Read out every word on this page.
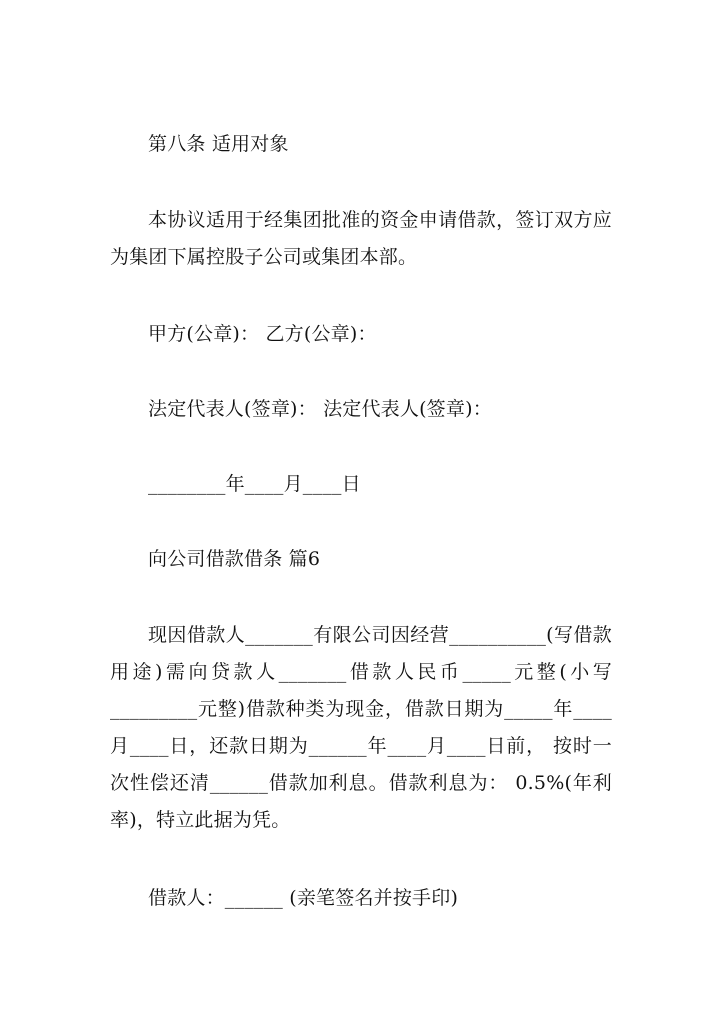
第八条 适用对象
本协议适用于经集团批准的资金申请借款，签订双方应为集团下属控股子公司或集团本部。
甲方(公章)： 乙方(公章)：
法定代表人(签章)： 法定代表人(签章)：
________年____月____日
向公司借款借条 篇6
现因借款人_______有限公司因经营__________(写借款用途)需向贷款人_______借款人民币_____元整(小写_________元整)借款种类为现金，借款日期为_____年____月____日，还款日期为______年____月____日前， 按时一次性偿还清______借款加利息。借款利息为： 0.5%(年利率)，特立此据为凭。
借款人：______ (亲笔签名并按手印)
